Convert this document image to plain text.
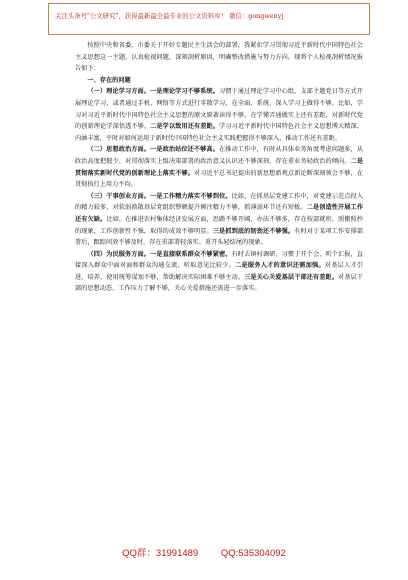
关注头条号"公文研究"，获得最新最全最专业的公文资料库！ 微信：gongwenyj

按照中央和省委、市委关于开好专题民主生活会的部署，我紧扣学习贯彻习近平新时代中国特色社会主义思想这一主题，认真检视问题，深刻剖析原因，明确整改措施与努力方向。现将个人检视剖析情况报告如下：

一、存在的问题

（一）理论学习方面。一是理论学习不够系统。习惯于通过理论学习中心组、支部主题党日等方式开展理论学习，或者通过手机、网络等方式进行零散学习，在全面、系统、深入学习上做得不够。比如，学习对习近平新时代中国特色社会主义思想的原文原著读得不够，在学懂弄通做实上还有差距，对新时代党的创新理论学深悟透不够。二是学以致用还有差距。学习习近平新时代中国特色社会主义思想博大精深、内涵丰富，平时对如何运用于新时代中国特色社会主义实践把握得不够深入，推动工作还有差距。

（二）思想政治方面。一是政治站位还不够高。在推动工作中，有时从具体业务角度考虑问题多，从政治高度把握少，对贯彻落实上级决策部署的政治意义认识还不够深刻，存在重业务轻政治的倾向。二是贯彻落实新时代党的创新理论上落实不够。对习近平总书记提出的新思想新观点新论断深刻领会不够，在贯彻执行上用力不均。

（三）干事创业方面。一是工作精力落实不够到位。比如，在抓基层党建工作中，对党建示范点投入的精力较多，对软弱涣散基层党组织整顿提升倾注精力不够，抓薄弱环节还有短板。二是创造性开展工作还有欠缺。比如，在推进农村集体经济发展方面，思路不够开阔，办法不够多，存在按部就班、照搬照抄的现象，工作创新性不强，取得的成效不够明显。三是抓到底的韧劲还不够强。有时对于某项工作安排部署后，跟踪问效不够及时，存在重部署轻落实、重开头轻结尾的现象。

（四）为民服务方面。一是直接联系群众不够紧密。有时去镇村调研，习惯于开个会、听个汇报，直接深入群众中面对面和群众沟通交流、听取意见比较少。二是服务人才的意识还需加强。对基层人才引进、培养、使用统筹谋划不够，帮助解决实际困难不够主动。三是关心关爱基层干部还有差距。对基层干部的思想动态、工作压力了解不够，关心关爱措施还需进一步落实。

QQ群：31991489 QQ:535304092
